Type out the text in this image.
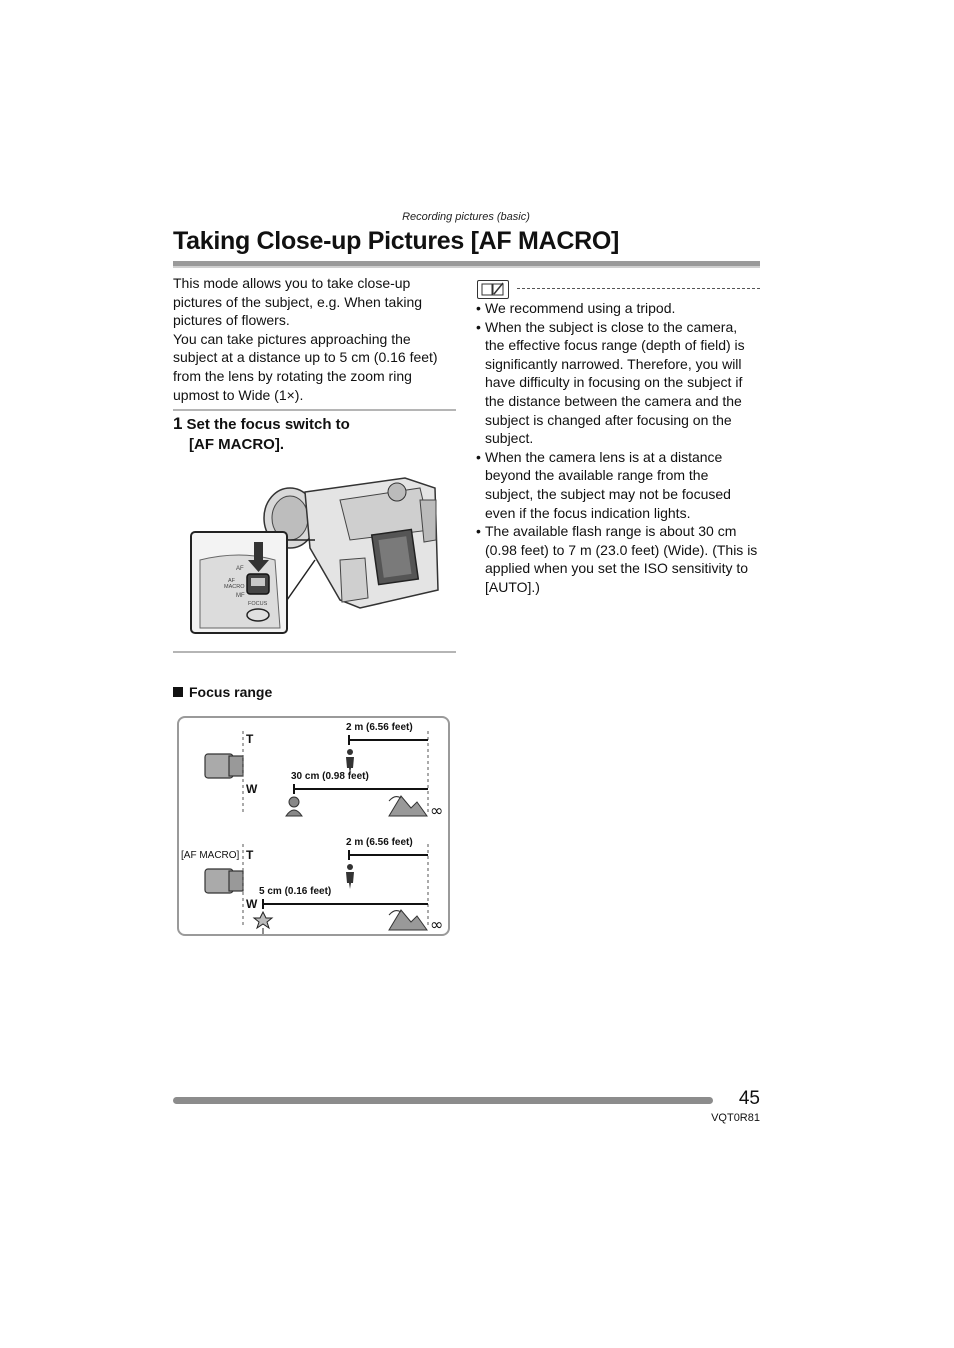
Recording pictures (basic)
Taking Close-up Pictures [AF MACRO]

This mode allows you to take close-up pictures of the subject, e.g. When taking pictures of flowers.

You can take pictures approaching the subject at a distance up to 5 cm (0.16 feet) from the lens by rotating the zoom ring upmost to Wide (1×).

1 Set the focus switch to
[AF MACRO].
AF
AF
MACRO
MF
FOCUS
Focus range
∞
∞
2 m (6.56 feet)
30 cm (0.98 feet)
2 m (6.56 feet)
5 cm (0.16 feet)
T
W
T
W
[AF MACRO]
• We recommend using a tripod.
• When the subject is close to the camera, the effective focus range (depth of field) is significantly narrowed. Therefore, you will have difficulty in focusing on the subject if the distance between the camera and the subject is changed after focusing on the subject.
• When the camera lens is at a distance beyond the available range from the subject, the subject may not be focused even if the focus indication lights.
• The available flash range is about 30 cm (0.98 feet) to 7 m (23.0 feet) (Wide). (This is applied when you set the ISO sensitivity to [AUTO].)
45
VQT0R81
